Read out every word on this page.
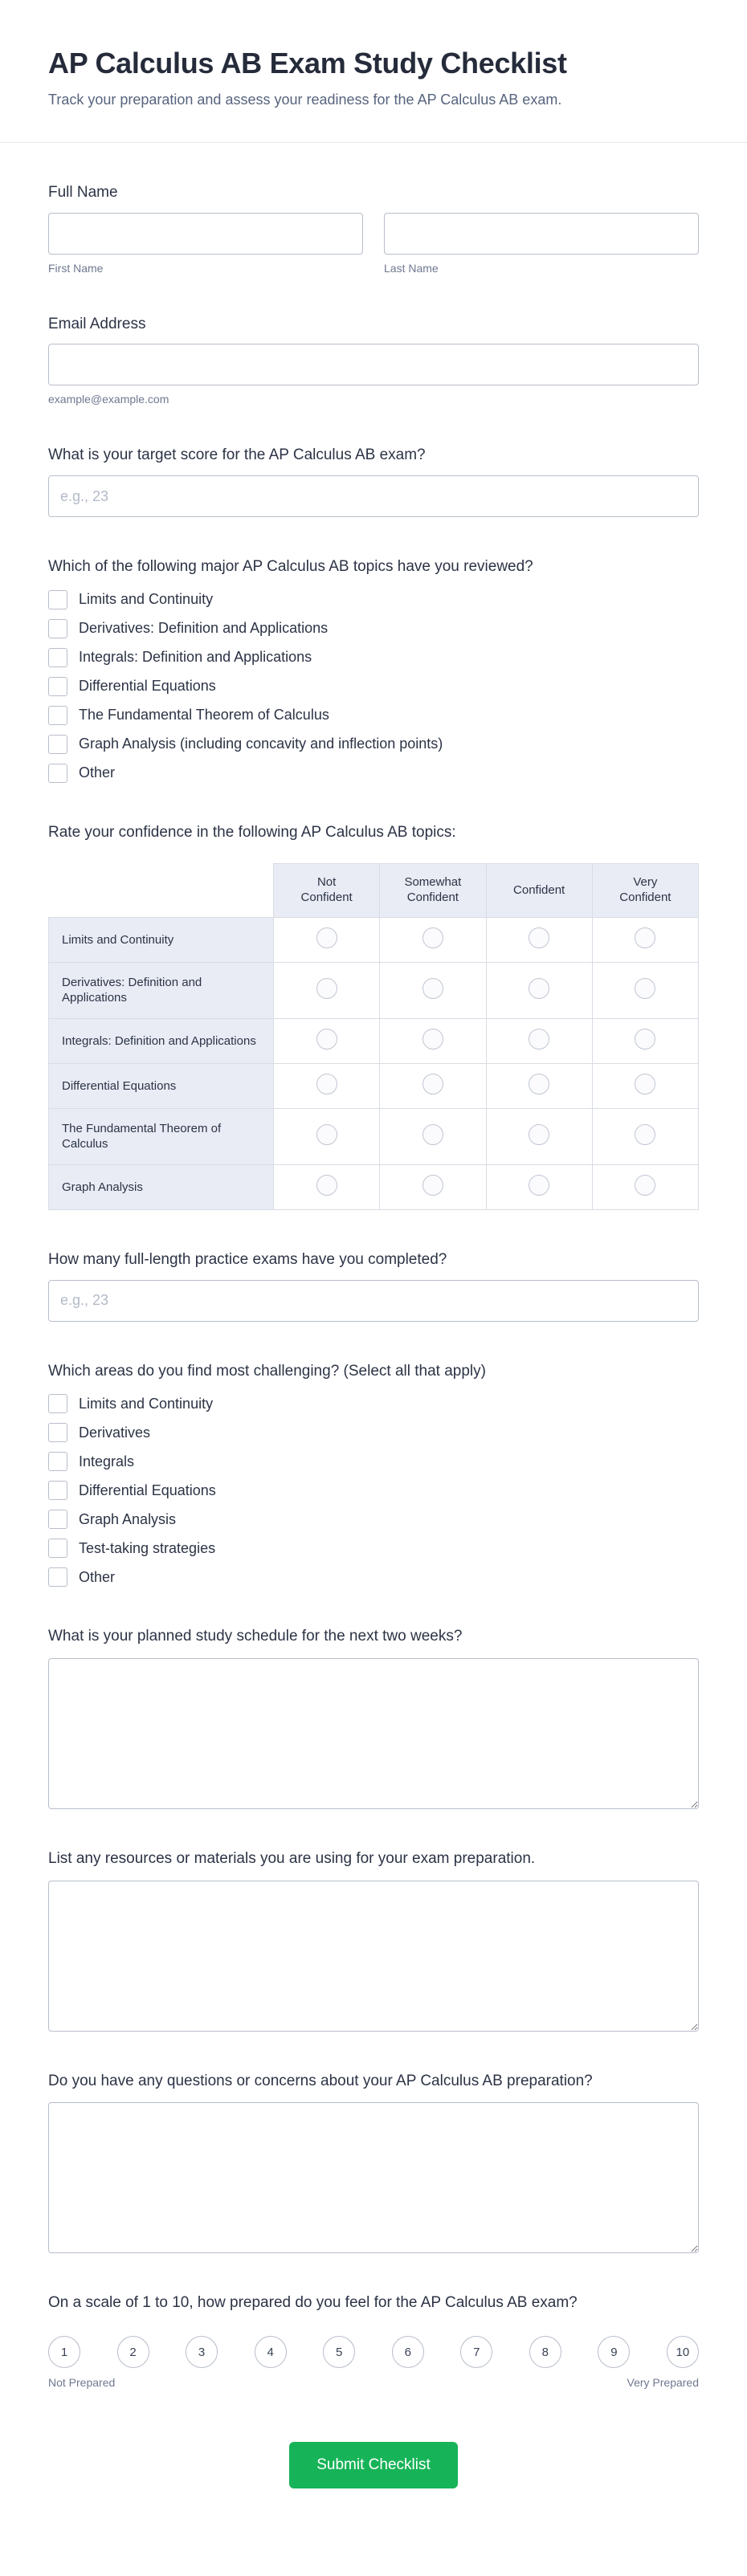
AP Calculus AB Exam Study Checklist
Track your preparation and assess your readiness for the AP Calculus AB exam.
Full Name
First Name	Last Name
Email Address
example@example.com
What is your target score for the AP Calculus AB exam?
e.g., 23
Which of the following major AP Calculus AB topics have you reviewed?
Limits and Continuity
Derivatives: Definition and Applications
Integrals: Definition and Applications
Differential Equations
The Fundamental Theorem of Calculus
Graph Analysis (including concavity and inflection points)
Other
Rate your confidence in the following AP Calculus AB topics:
	Not Confident	Somewhat Confident	Confident	Very Confident
Limits and Continuity				
Derivatives: Definition and Applications				
Integrals: Definition and Applications				
Differential Equations				
The Fundamental Theorem of Calculus				
Graph Analysis				
How many full-length practice exams have you completed?
e.g., 23
Which areas do you find most challenging? (Select all that apply)
Limits and Continuity
Derivatives
Integrals
Differential Equations
Graph Analysis
Test-taking strategies
Other
What is your planned study schedule for the next two weeks?
List any resources or materials you are using for your exam preparation.
Do you have any questions or concerns about your AP Calculus AB preparation?
On a scale of 1 to 10, how prepared do you feel for the AP Calculus AB exam?
1	2	3	4	5	6	7	8	9	10
Not Prepared	Very Prepared
Submit Checklist
